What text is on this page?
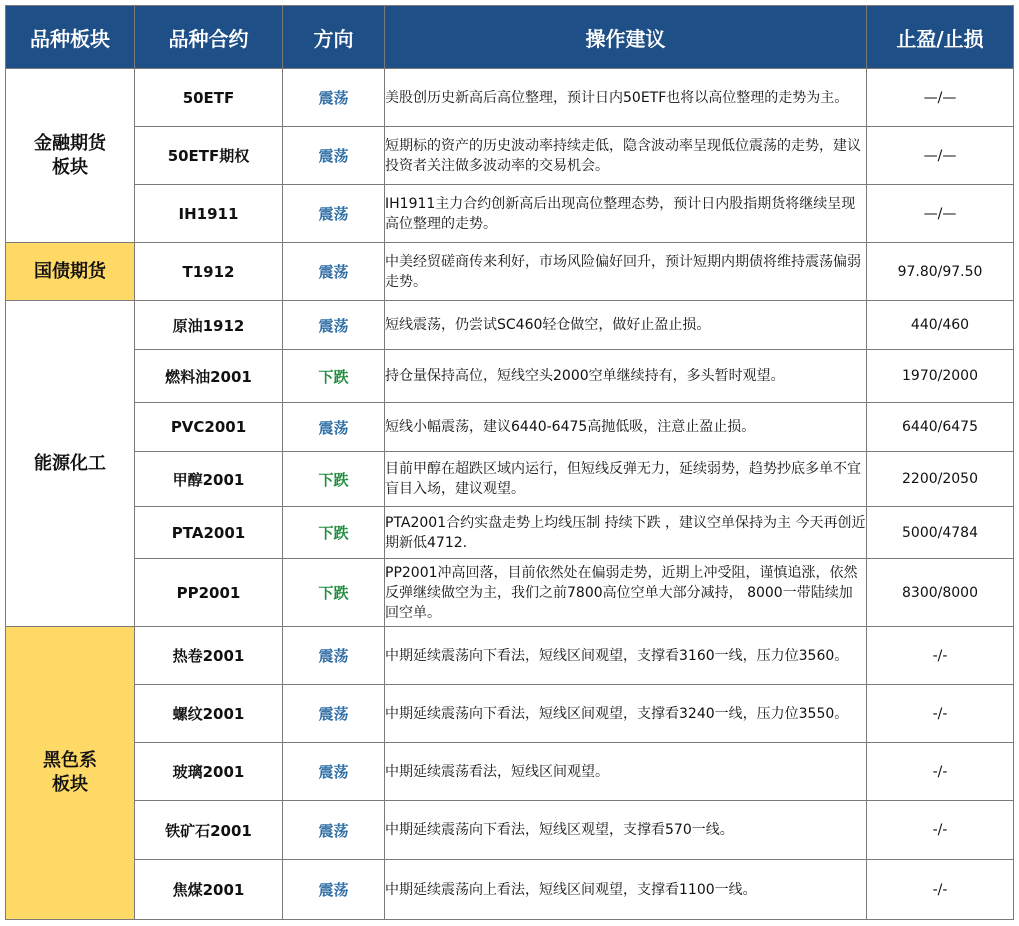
品种板块	品种合约	方向	操作建议	止盈/止损

金融期货
板块	50ETF	震荡	美股创历史新高后高位整理，预计日内50ETF也将以高位整理的走势为主。	—/—
	50ETF期权	震荡	短期标的资产的历史波动率持续走低，隐含波动率呈现低位震荡的走势，建议投资者关注做多波动率的交易机会。	—/—
	IH1911	震荡	IH1911主力合约创新高后出现高位整理态势，预计日内股指期货将继续呈现高位整理的走势。	—/—

国债期货	T1912	震荡	中美经贸磋商传来利好，市场风险偏好回升，预计短期内期债将维持震荡偏弱走势。	97.80/97.50

能源化工	原油1912	震荡	短线震荡，仍尝试SC460轻仓做空，做好止盈止损。	440/460
	燃料油2001	下跌	持仓量保持高位，短线空头2000空单继续持有，多头暂时观望。	1970/2000
	PVC2001	震荡	短线小幅震荡，建议6440-6475高抛低吸，注意止盈止损。	6440/6475
	甲醇2001	下跌	目前甲醇在超跌区域内运行，但短线反弹无力，延续弱势，趋势抄底多单不宜盲目入场，建议观望。	2200/2050
	PTA2001	下跌	PTA2001合约实盘走势上均线压制 持续下跌 ，建议空单保持为主 今天再创近期新低4712.	5000/4784
	PP2001	下跌	PP2001冲高回落，目前依然处在偏弱走势，近期上冲受阻，谨慎追涨，依然反弹继续做空为主，我们之前7800高位空单大部分减持， 8000一带陆续加回空单。	8300/8000

黑色系
板块	热卷2001	震荡	中期延续震荡向下看法，短线区间观望，支撑看3160一线，压力位3560。	-/-
	螺纹2001	震荡	中期延续震荡向下看法，短线区间观望，支撑看3240一线，压力位3550。	-/-
	玻璃2001	震荡	中期延续震荡看法，短线区间观望。	-/-
	铁矿石2001	震荡	中期延续震荡向下看法，短线区观望，支撑看570一线。	-/-
	焦煤2001	震荡	中期延续震荡向上看法，短线区间观望，支撑看1100一线。	-/-
